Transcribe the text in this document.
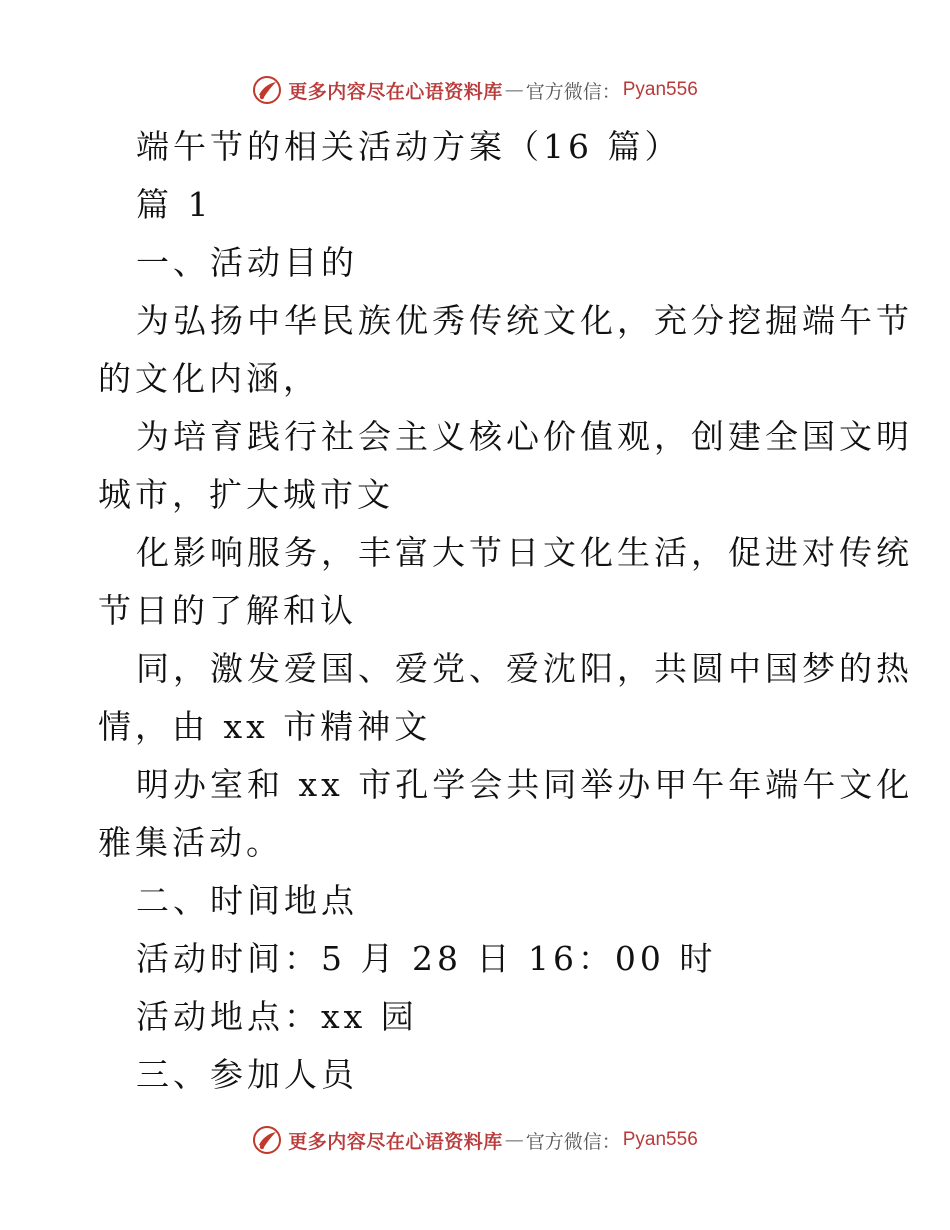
更多内容尽在心语资料库 — 官方微信： Pyan556
端午节的相关活动方案（16 篇）
篇 1
一、活动目的
为弘扬中华民族优秀传统文化，充分挖掘端午节
的文化内涵，
为培育践行社会主义核心价值观，创建全国文明
城市，扩大城市文
化影响服务，丰富大节日文化生活，促进对传统
节日的了解和认
同，激发爱国、爱党、爱沈阳，共圆中国梦的热
情，由 xx 市精神文
明办室和 xx 市孔学会共同举办甲午年端午文化
雅集活动。
二、时间地点
活动时间：5 月 28 日 16：00 时
活动地点：xx 园
三、参加人员
更多内容尽在心语资料库 — 官方微信： Pyan556
